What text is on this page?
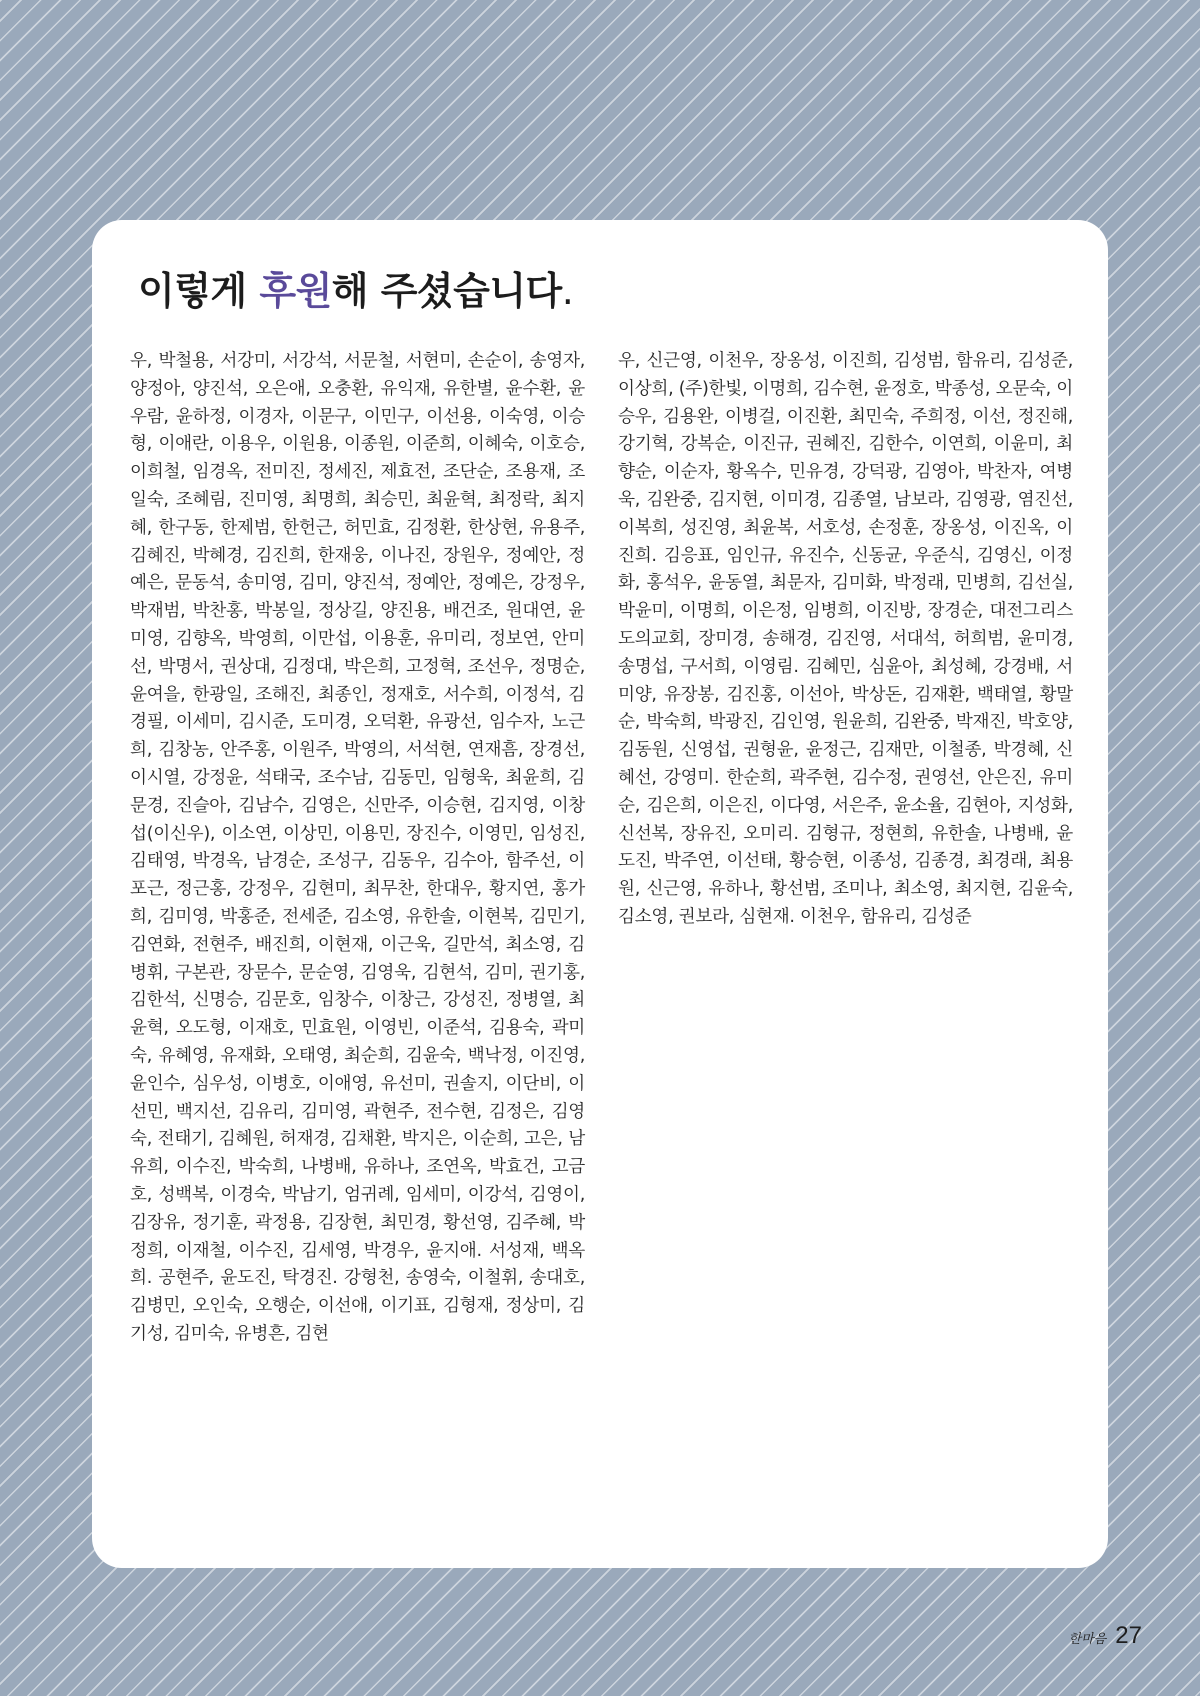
이렇게 후원해 주셨습니다.
우, 박철용, 서강미, 서강석, 서문철, 서현미, 손순이, 송영자, 양정아, 양진석, 오은애, 오충환, 유익재, 유한별, 윤수환, 윤우람, 윤하정, 이경자, 이문구, 이민구, 이선용, 이숙영, 이승형, 이애란, 이용우, 이원용, 이종원, 이준희, 이혜숙, 이호승, 이희철, 임경옥, 전미진, 정세진, 제효전, 조단순, 조용재, 조일숙, 조혜림, 진미영, 최명희, 최승민, 최윤혁, 최정락, 최지혜, 한구동, 한제범, 한헌근, 허민효, 김정환, 한상현, 유용주, 김혜진, 박혜경, 김진희, 한재웅, 이나진, 장원우, 정예안, 정예은, 문동석, 송미영, 김미, 양진석, 정예안, 정예은, 강정우, 박재범, 박찬홍, 박봉일, 정상길, 양진용, 배건조, 원대연, 윤미영, 김향옥, 박영희, 이만섭, 이용훈, 유미리, 정보연, 안미선, 박명서, 권상대, 김정대, 박은희, 고정혁, 조선우, 정명순, 윤여을, 한광일, 조해진, 최종인, 정재호, 서수희, 이정석, 김경필, 이세미, 김시준, 도미경, 오덕환, 유광선, 임수자, 노근희, 김창농, 안주홍, 이원주, 박영의, 서석현, 연재흠, 장경선, 이시열, 강정윤, 석태국, 조수남, 김동민, 임형욱, 최윤희, 김문경, 진슬아, 김남수, 김영은, 신만주, 이승현, 김지영, 이창섭(이신우), 이소연, 이상민, 이용민, 장진수, 이영민, 임성진, 김태영, 박경옥, 남경순, 조성구, 김동우, 김수아, 함주선, 이포근, 정근홍, 강정우, 김현미, 최무찬, 한대우, 황지연, 홍가희, 김미영, 박홍준, 전세준, 김소영, 유한솔, 이현복, 김민기, 김연화, 전현주, 배진희, 이현재, 이근욱, 길만석, 최소영, 김병휘, 구본관, 장문수, 문순영, 김영욱, 김현석, 김미, 권기홍, 김한석, 신명승, 김문호, 임창수, 이창근, 강성진, 정병열, 최윤혁, 오도형, 이재호, 민효원, 이영빈, 이준석, 김용숙, 곽미숙, 유혜영, 유재화, 오태영, 최순희, 김윤숙, 백낙정, 이진영, 윤인수, 심우성, 이병호, 이애영, 유선미, 권솔지, 이단비, 이선민, 백지선, 김유리, 김미영, 곽현주, 전수현, 김정은, 김영숙, 전태기, 김혜원, 허재경, 김채환, 박지은, 이순희, 고은, 남유희, 이수진, 박숙희, 나병배, 유하나, 조연옥, 박효건, 고금호, 성백복, 이경숙, 박남기, 엄귀례, 임세미, 이강석, 김영이, 김장유, 정기훈, 곽정용, 김장현, 최민경, 황선영, 김주혜, 박정희, 이재철, 이수진, 김세영, 박경우, 윤지애. 서성재, 백옥희. 공현주, 윤도진, 탁경진. 강형천, 송영숙, 이철휘, 송대호, 김병민, 오인숙, 오행순, 이선애, 이기표, 김형재, 정상미, 김기성, 김미숙, 유병흔, 김현
우, 신근영, 이천우, 장옹성, 이진희, 김성범, 함유리, 김성준, 이상희, (주)한빛, 이명희, 김수현, 윤정호, 박종성, 오문숙, 이승우, 김용완, 이병걸, 이진환, 최민숙, 주희정, 이선, 정진해, 강기혁, 강복순, 이진규, 권혜진, 김한수, 이연희, 이윤미, 최향순, 이순자, 황옥수, 민유경, 강덕광, 김영아, 박찬자, 여병욱, 김완중, 김지현, 이미경, 김종열, 남보라, 김영광, 염진선, 이복희, 성진영, 최윤복, 서호성, 손정훈, 장옹성, 이진옥, 이진희. 김응표, 임인규, 유진수, 신동균, 우준식, 김영신, 이정화, 홍석우, 윤동열, 최문자, 김미화, 박정래, 민병희, 김선실, 박윤미, 이명희, 이은정, 임병희, 이진방, 장경순, 대전그리스도의교회, 장미경, 송해경, 김진영, 서대석, 허희범, 윤미경, 송명섭, 구서희, 이영림. 김혜민, 심윤아, 최성혜, 강경배, 서미양, 유장봉, 김진홍, 이선아, 박상돈, 김재환, 백태열, 황말순, 박숙희, 박광진, 김인영, 원윤희, 김완중, 박재진, 박호양, 김동원, 신영섭, 권형윤, 윤정근, 김재만, 이철종, 박경혜, 신혜선, 강영미. 한순희, 곽주현, 김수정, 권영선, 안은진, 유미순, 김은희, 이은진, 이다영, 서은주, 윤소율, 김현아, 지성화, 신선복, 장유진, 오미리. 김형규, 정현희, 유한솔, 나병배, 윤도진, 박주연, 이선태, 황승현, 이종성, 김종경, 최경래, 최용원, 신근영, 유하나, 황선범, 조미나, 최소영, 최지현, 김윤숙, 김소영, 권보라, 심현재. 이천우, 함유리, 김성준
한마음 27
